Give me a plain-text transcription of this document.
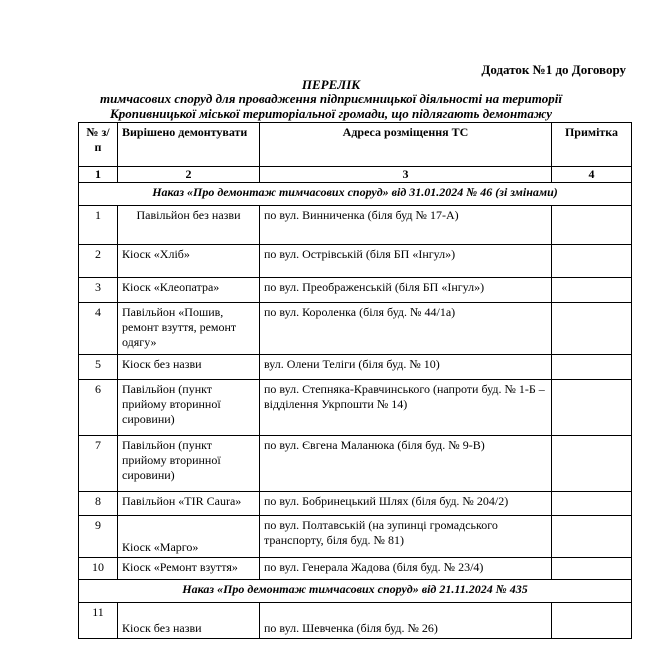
Додаток №1 до Договору
ПЕРЕЛІК
тимчасових споруд для провадження підприємницької діяльності на території
Кропивницької міської територіальної громади, що підлягають демонтажу
№ з/п	Вирішено демонтувати	Адреса розміщення ТС	Примітка
1	2	3	4
Наказ «Про демонтаж тимчасових споруд» від 31.01.2024 № 46 (зі змінами)			
1	Павільйон без назви	по вул. Винниченка (біля буд № 17-А)	
2	Кіоск «Хліб»	по вул. Острівській (біля БП «Інгул»)	
3	Кіоск «Клеопатра»	по вул. Преображенській (біля БП «Інгул»)	
4	Павільйон «Пошив, ремонт взуття, ремонт одягу»	по вул. Короленка (біля буд. № 44/1а)	
5	Кіоск без назви	вул. Олени Теліги (біля буд. № 10)	
6	Павільйон (пункт прийому вторинної сировини)	по вул. Степняка-Кравчинського (напроти буд. № 1-Б – відділення Укрпошти № 14)	
7	Павільйон (пункт прийому вторинної сировини)	по вул. Євгена Маланюка (біля буд. № 9-В)	
8	Павільйон «TIR Caura»	по вул. Бобринецький Шлях (біля буд. № 204/2)	
9	Кіоск «Марго»	по вул. Полтавській (на зупинці громадського транспорту, біля буд. № 81)	
10	Кіоск «Ремонт взуття»	по вул. Генерала Жадова (біля буд. № 23/4)	
Наказ «Про демонтаж тимчасових споруд» від 21.11.2024 № 435			
11	Кіоск без назви	по вул. Шевченка (біля буд. № 26)	
